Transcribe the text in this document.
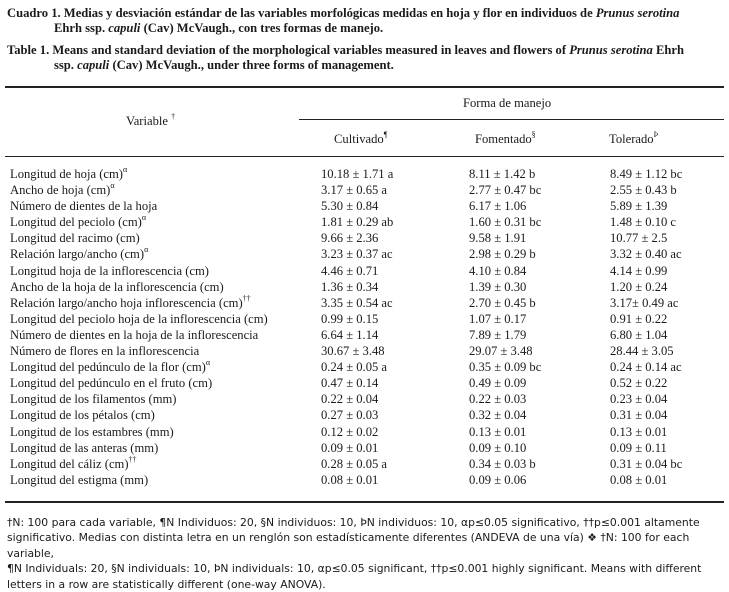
Cuadro 1. Medias y desviación estándar de las variables morfológicas medidas en hoja y flor en individuos de Prunus serotina
Ehrh ssp. capuli (Cav) McVaugh., con tres formas de manejo.
Table 1. Means and standard deviation of the morphological variables measured in leaves and flowers of Prunus serotina Ehrh
ssp. capuli (Cav) McVaugh., under three forms of management.
Variable †
Forma de manejo
Cultivado¶	Fomentado§	Tolerado$^Þ$
Longitud de hoja (cm)$^\alpha$	10.18 ± 1.71 a	8.11 ± 1.42 b	8.49 ± 1.12 bc
Ancho de hoja (cm)$^\alpha$	3.17 ± 0.65 a	2.77 ± 0.47 bc	2.55 ± 0.43 b
Número de dientes de la hoja	5.30 ± 0.84	6.17 ± 1.06	5.89 ± 1.39
Longitud del peciolo (cm)$^\alpha$	1.81 ± 0.29 ab	1.60 ± 0.31 bc	1.48 ± 0.10 c
Longitud del racimo (cm)	9.66 ± 2.36	9.58 ± 1.91	10.77 ± 2.5
Relación largo/ancho (cm)$^\alpha$	3.23 ± 0.37 ac	2.98 ± 0.29 b	3.32 ± 0.40 ac
Longitud hoja de la inflorescencia (cm)	4.46 ± 0.71	4.10 ± 0.84	4.14 ± 0.99
Ancho de la hoja de la inflorescencia (cm)	1.36 ± 0.34	1.39 ± 0.30	1.20 ± 0.24
Relación largo/ancho hoja inflorescencia (cm)††	3.35 ± 0.54 ac	2.70 ± 0.45 b	3.17± 0.49 ac
Longitud del peciolo hoja de la inflorescencia (cm)	0.99 ± 0.15	1.07 ± 0.17	0.91 ± 0.22
Número de dientes en la hoja de la inflorescencia	6.64 ± 1.14	7.89 ± 1.79	6.80 ± 1.04
Número de flores en la inflorescencia	30.67 ± 3.48	29.07 ± 3.48	28.44 ± 3.05
Longitud del pedúnculo de la flor (cm)$^\alpha$	0.24 ± 0.05 a	0.35 ± 0.09 bc	0.24 ± 0.14 ac
Longitud del pedúnculo en el fruto (cm)	0.47 ± 0.14	0.49 ± 0.09	0.52 ± 0.22
Longitud de los filamentos (mm)	0.22 ± 0.04	0.22 ± 0.03	0.23 ± 0.04
Longitud de los pétalos (cm)	0.27 ± 0.03	0.32 ± 0.04	0.31 ± 0.04
Longitud de los estambres (mm)	0.12 ± 0.02	0.13 ± 0.01	0.13 ± 0.01
Longitud de las anteras (mm)	0.09 ± 0.01	0.09 ± 0.10	0.09 ± 0.11
Longitud del cáliz (cm)††	0.28 ± 0.05 a	0.34 ± 0.03 b	0.31 ± 0.04 bc
Longitud del estigma (mm)	0.08 ± 0.01	0.09 ± 0.06	0.08 ± 0.01

†N: 100 para cada variable, ¶N Individuos: 20, §N individuos: 10, ÞN individuos: 10, αp≤0.05 significativo, ††p≤0.001 altamente

significativo. Medias con distinta letra en un renglón son estadísticamente diferentes (ANDEVA de una vía) ❖ †N: 100 for each variable,

¶N Individuals: 20, §N individuals: 10, ÞN individuals: 10, αp≤0.05 significant, ††p≤0.001 highly significant. Means with different

letters in a row are statistically different (one-way ANOVA).
